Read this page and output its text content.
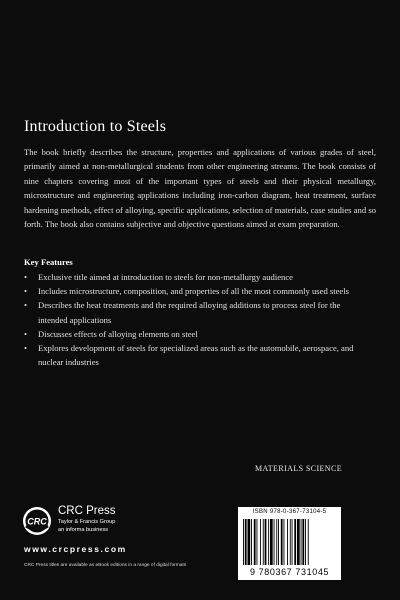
Introduction to Steels
The book briefly describes the structure, properties and applications of various grades of steel, primarily aimed at non-metallurgical students from other engineering streams. The book consists of nine chapters covering most of the important types of steels and their physical metallurgy, microstructure and engineering applications including iron-carbon diagram, heat treatment, surface hardening methods, effect of alloying, specific applications, selection of materials, case studies and so forth. The book also contains subjective and objective questions aimed at exam preparation.
Key Features
• Exclusive title aimed at introduction to steels for non-metallurgy audience
• Includes microstructure, composition, and properties of all the most commonly used steels
• Describes the heat treatments and the required alloying additions to process steel for the intended applications
• Discusses effects of alloying elements on steel
• Explores development of steels for specialized areas such as the automobile, aerospace, and nuclear industries
MATERIALS SCIENCE
CRC
CRC Press
Taylor & Francis Group
an informa business
www.crcpress.com
CRC Press titles are available as eBook editions in a range of digital formats
ISBN 978-0-367-73104-5
9 780367 731045
